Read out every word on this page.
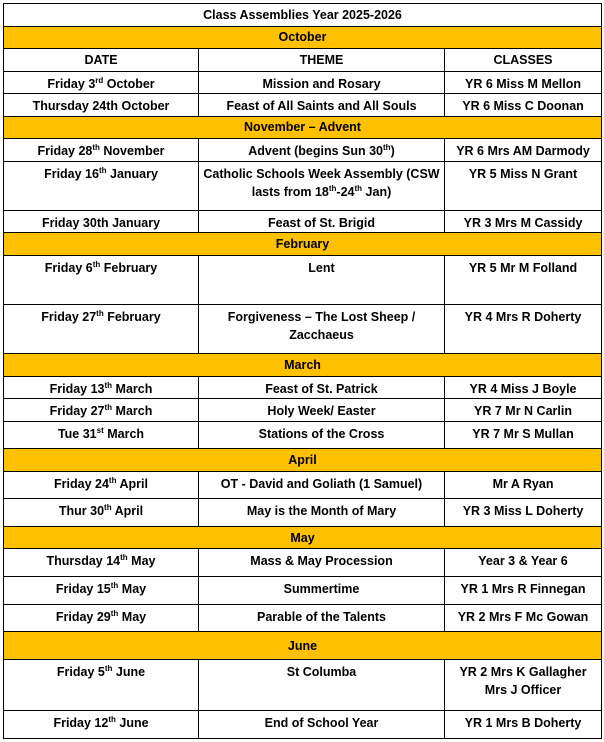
Class Assemblies Year 2025-2026		
October		
DATE	THEME	CLASSES
Friday 3rd October	Mission and Rosary	YR 6 Miss M Mellon
Thursday 24th October	Feast of All Saints and All Souls	YR 6 Miss C Doonan
November – Advent		
Friday 28th November	Advent (begins Sun 30th)	YR 6 Mrs AM Darmody
Friday 16th January	Catholic Schools Week Assembly (CSW lasts from 18th-24th Jan)	YR 5 Miss N Grant
Friday 30th January	Feast of St. Brigid	YR 3 Mrs M Cassidy
February		
Friday 6th February	Lent	YR 5 Mr M Folland
Friday 27th February	Forgiveness – The Lost Sheep / Zacchaeus	YR 4 Mrs R Doherty
March		
Friday 13th March	Feast of St. Patrick	YR 4 Miss J Boyle
Friday 27th March	Holy Week/ Easter	YR 7 Mr N Carlin
Tue 31st March	Stations of the Cross	YR 7 Mr S Mullan
April		
Friday 24th April	OT - David and Goliath (1 Samuel)	Mr A Ryan
Thur 30th April	May is the Month of Mary	YR 3 Miss L Doherty
May		
Thursday 14th May	Mass & May Procession	Year 3 & Year 6
Friday 15th May	Summertime	YR 1 Mrs R Finnegan
Friday 29th May	Parable of the Talents	YR 2 Mrs F Mc Gowan
June		
Friday 5th June	St Columba	YR 2 Mrs K Gallagher Mrs J Officer
Friday 12th June	End of School Year	YR 1 Mrs B Doherty
